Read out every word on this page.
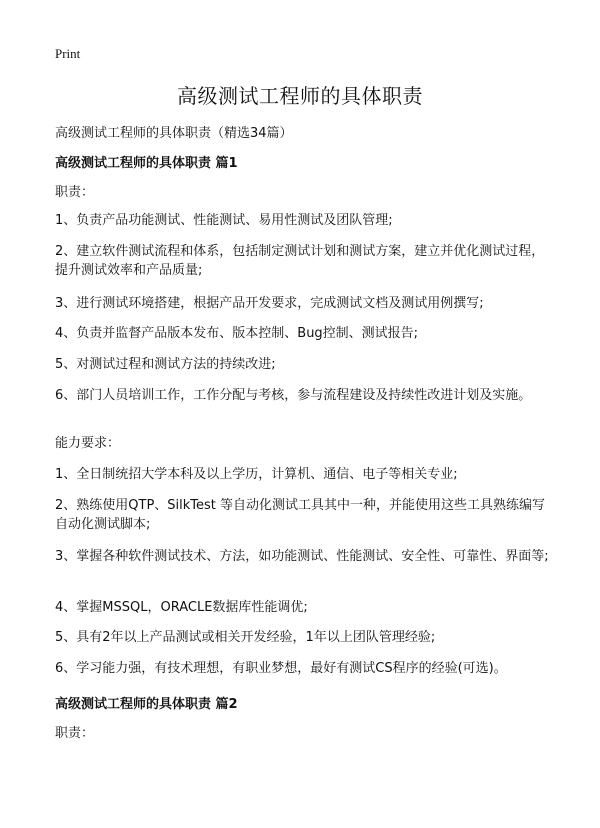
Print
高级测试工程师的具体职责
高级测试工程师的具体职责（精选34篇）
高级测试工程师的具体职责 篇1
职责：
1、负责产品功能测试、性能测试、易用性测试及团队管理;
2、建立软件测试流程和体系，包括制定测试计划和测试方案，建立并优化测试过程，提升测试效率和产品质量;
3、进行测试环境搭建，根据产品开发要求，完成测试文档及测试用例撰写;
4、负责并监督产品版本发布、版本控制、Bug控制、测试报告;
5、对测试过程和测试方法的持续改进;
6、部门人员培训工作，工作分配与考核，参与流程建设及持续性改进计划及实施。
能力要求：
1、全日制统招大学本科及以上学历，计算机、通信、电子等相关专业;
2、熟练使用QTP、SilkTest 等自动化测试工具其中一种，并能使用这些工具熟练编写自动化测试脚本;
3、掌握各种软件测试技术、方法，如功能测试、性能测试、安全性、可靠性、界面等;
4、掌握MSSQL，ORACLE数据库性能调优;
5、具有2年以上产品测试或相关开发经验，1年以上团队管理经验;
6、学习能力强，有技术理想，有职业梦想，最好有测试CS程序的经验(可选)。
高级测试工程师的具体职责 篇2
职责：
